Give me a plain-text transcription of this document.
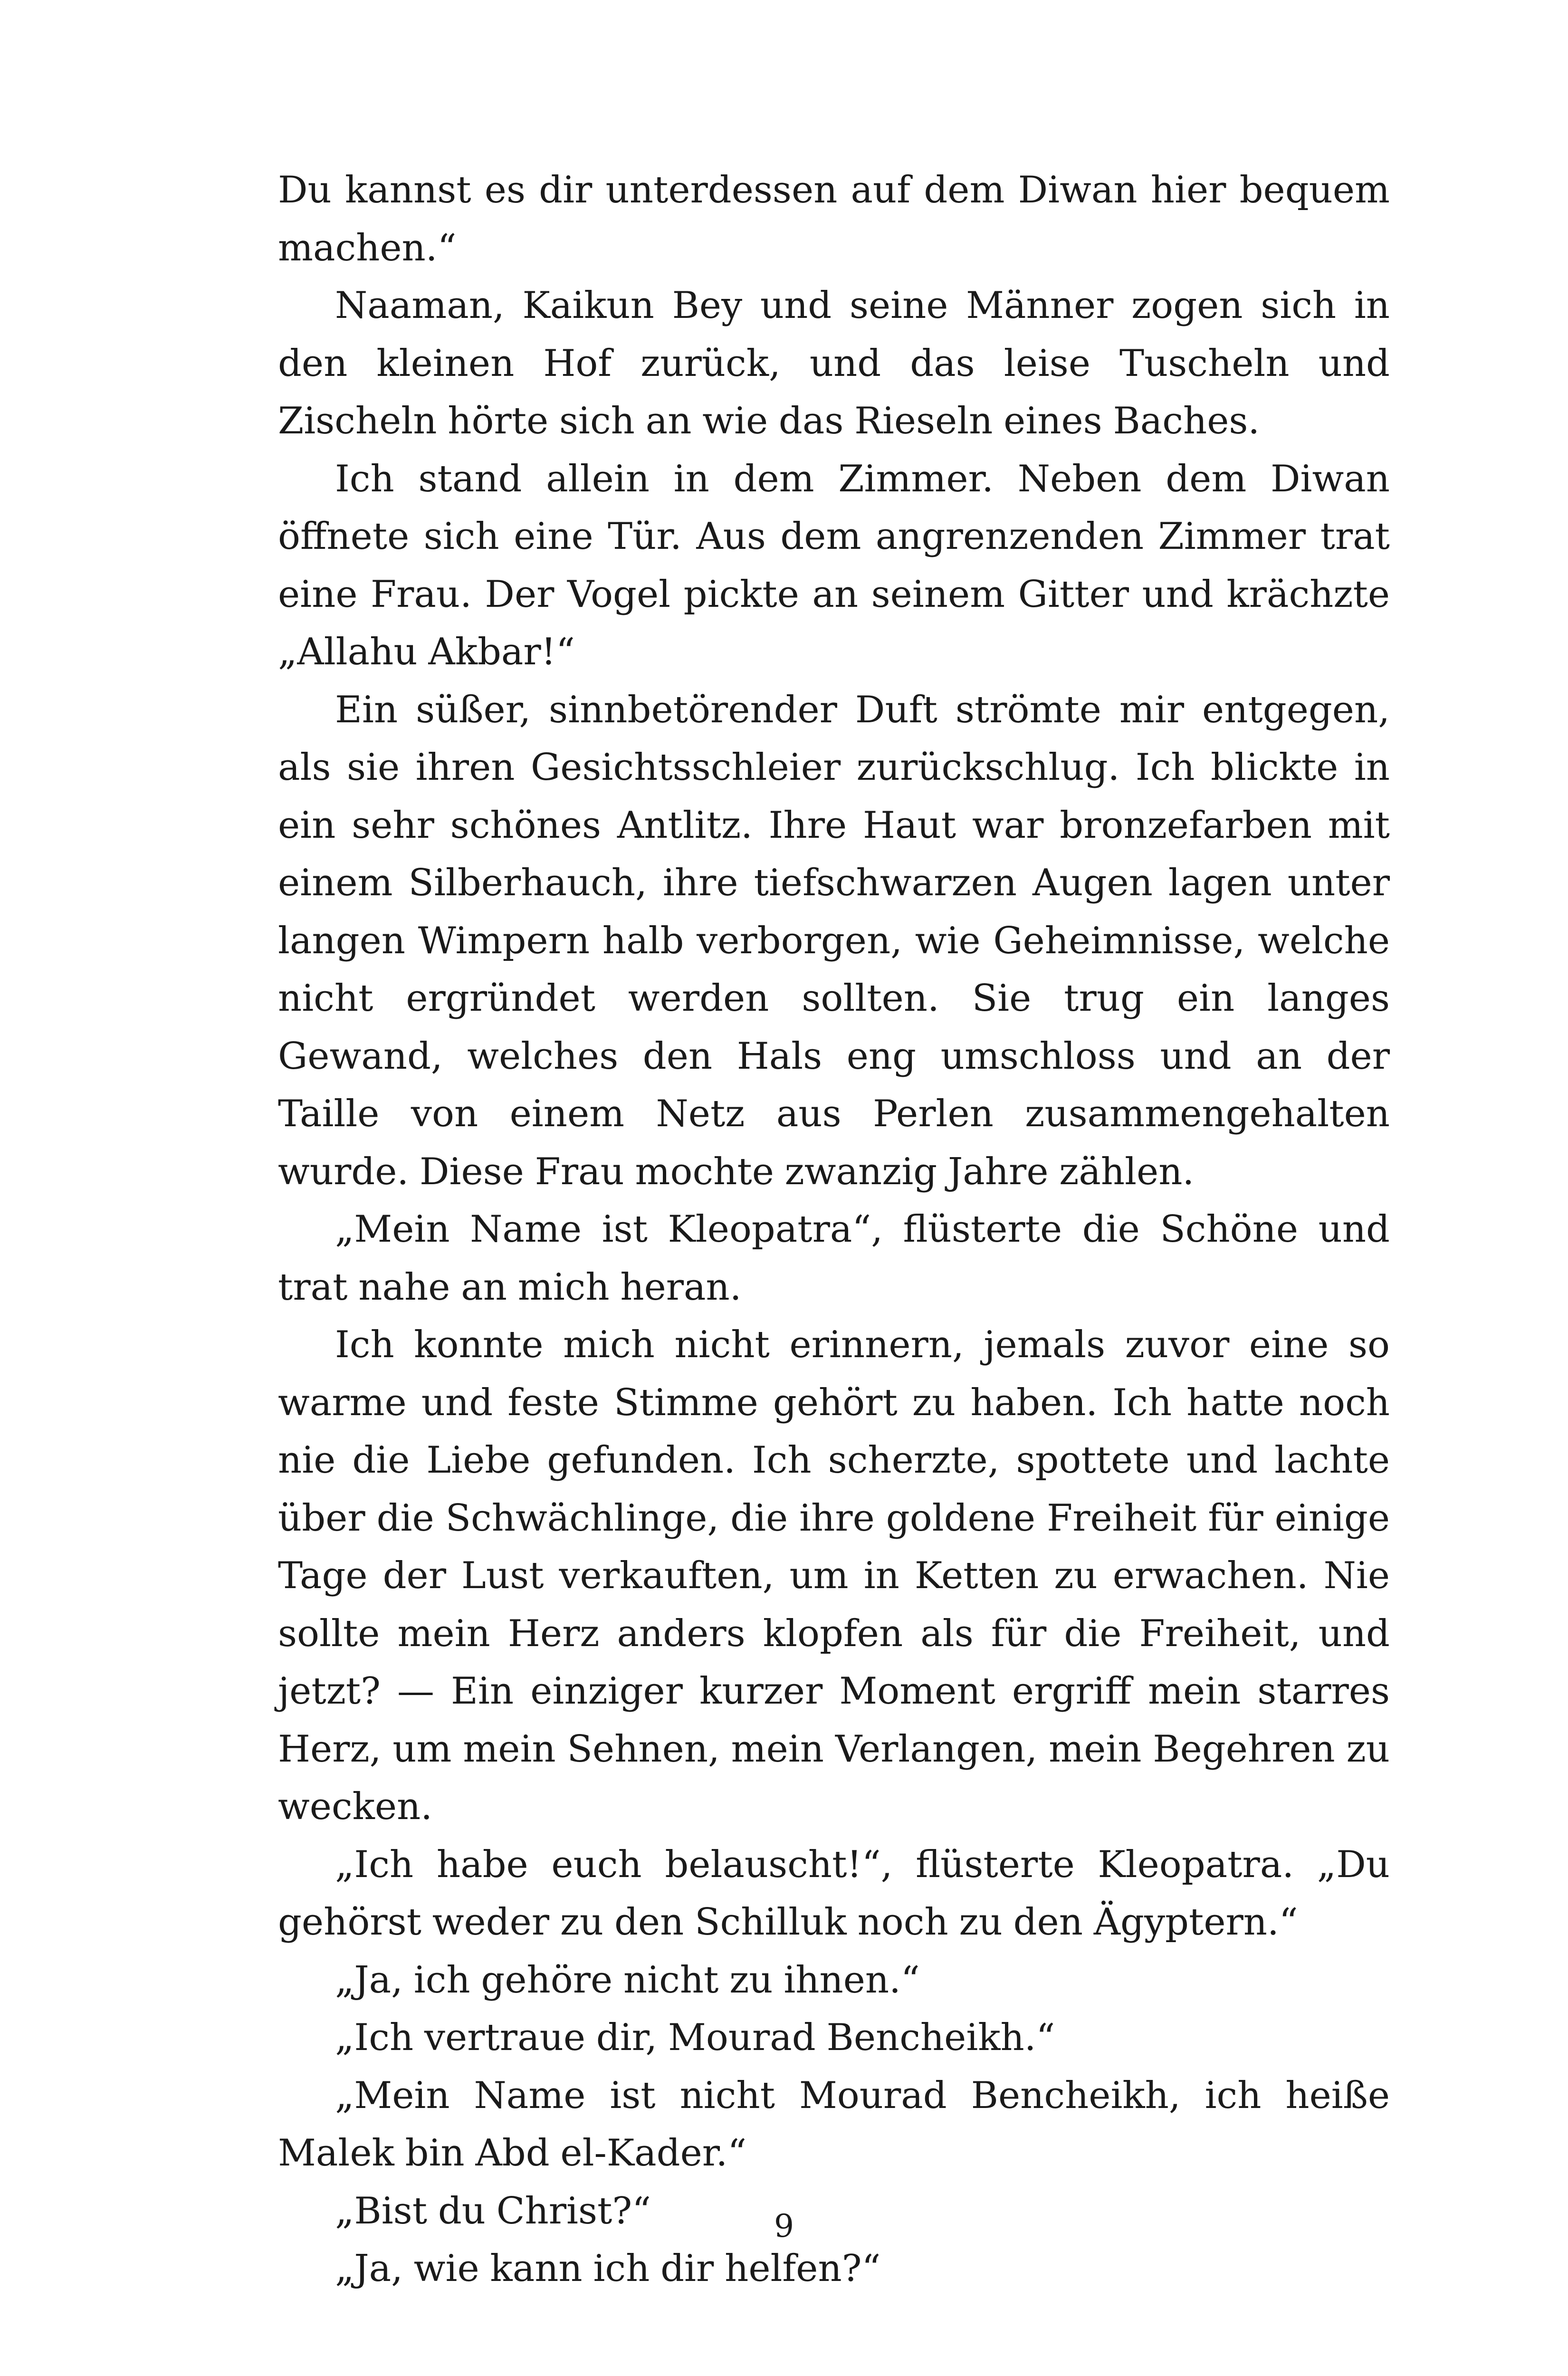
Du kannst es dir unterdessen auf dem Diwan hier bequem machen.“

Naaman, Kaikun Bey und seine Männer zogen sich in den kleinen Hof zurück, und das leise Tuscheln und Zischeln hörte sich an wie das Rieseln eines Baches.

Ich stand allein in dem Zimmer. Neben dem Diwan öffnete sich eine Tür. Aus dem angrenzenden Zimmer trat eine Frau. Der Vogel pickte an seinem Gitter und krächzte „Allahu Akbar!“

Ein süßer, sinnbetörender Duft strömte mir entgegen, als sie ihren Gesichtsschleier zurückschlug. Ich blickte in ein sehr schönes Antlitz. Ihre Haut war bronzefarben mit einem Silberhauch, ihre tiefschwarzen Augen lagen unter langen Wimpern halb verborgen, wie Geheimnisse, welche nicht ergründet werden sollten. Sie trug ein langes Gewand, welches den Hals eng umschloss und an der Taille von einem Netz aus Perlen zusammengehalten wurde. Diese Frau mochte zwanzig Jahre zählen.

„Mein Name ist Kleopatra“, flüsterte die Schöne und trat nahe an mich heran.

Ich konnte mich nicht erinnern, jemals zuvor eine so warme und feste Stimme gehört zu haben. Ich hatte noch nie die Liebe gefunden. Ich scherzte, spottete und lachte über die Schwächlinge, die ihre goldene Freiheit für einige Tage der Lust verkauften, um in Ketten zu erwachen. Nie sollte mein Herz anders klopfen als für die Freiheit, und jetzt? — Ein einziger kurzer Moment ergriff mein starres Herz, um mein Sehnen, mein Verlangen, mein Begehren zu wecken.

„Ich habe euch belauscht!“, flüsterte Kleopatra. „Du gehörst weder zu den Schilluk noch zu den Ägyptern.“

„Ja, ich gehöre nicht zu ihnen.“

„Ich vertraue dir, Mourad Bencheikh.“

„Mein Name ist nicht Mourad Bencheikh, ich heiße Malek bin Abd el-Kader.“

„Bist du Christ?“

„Ja, wie kann ich dir helfen?“

9
